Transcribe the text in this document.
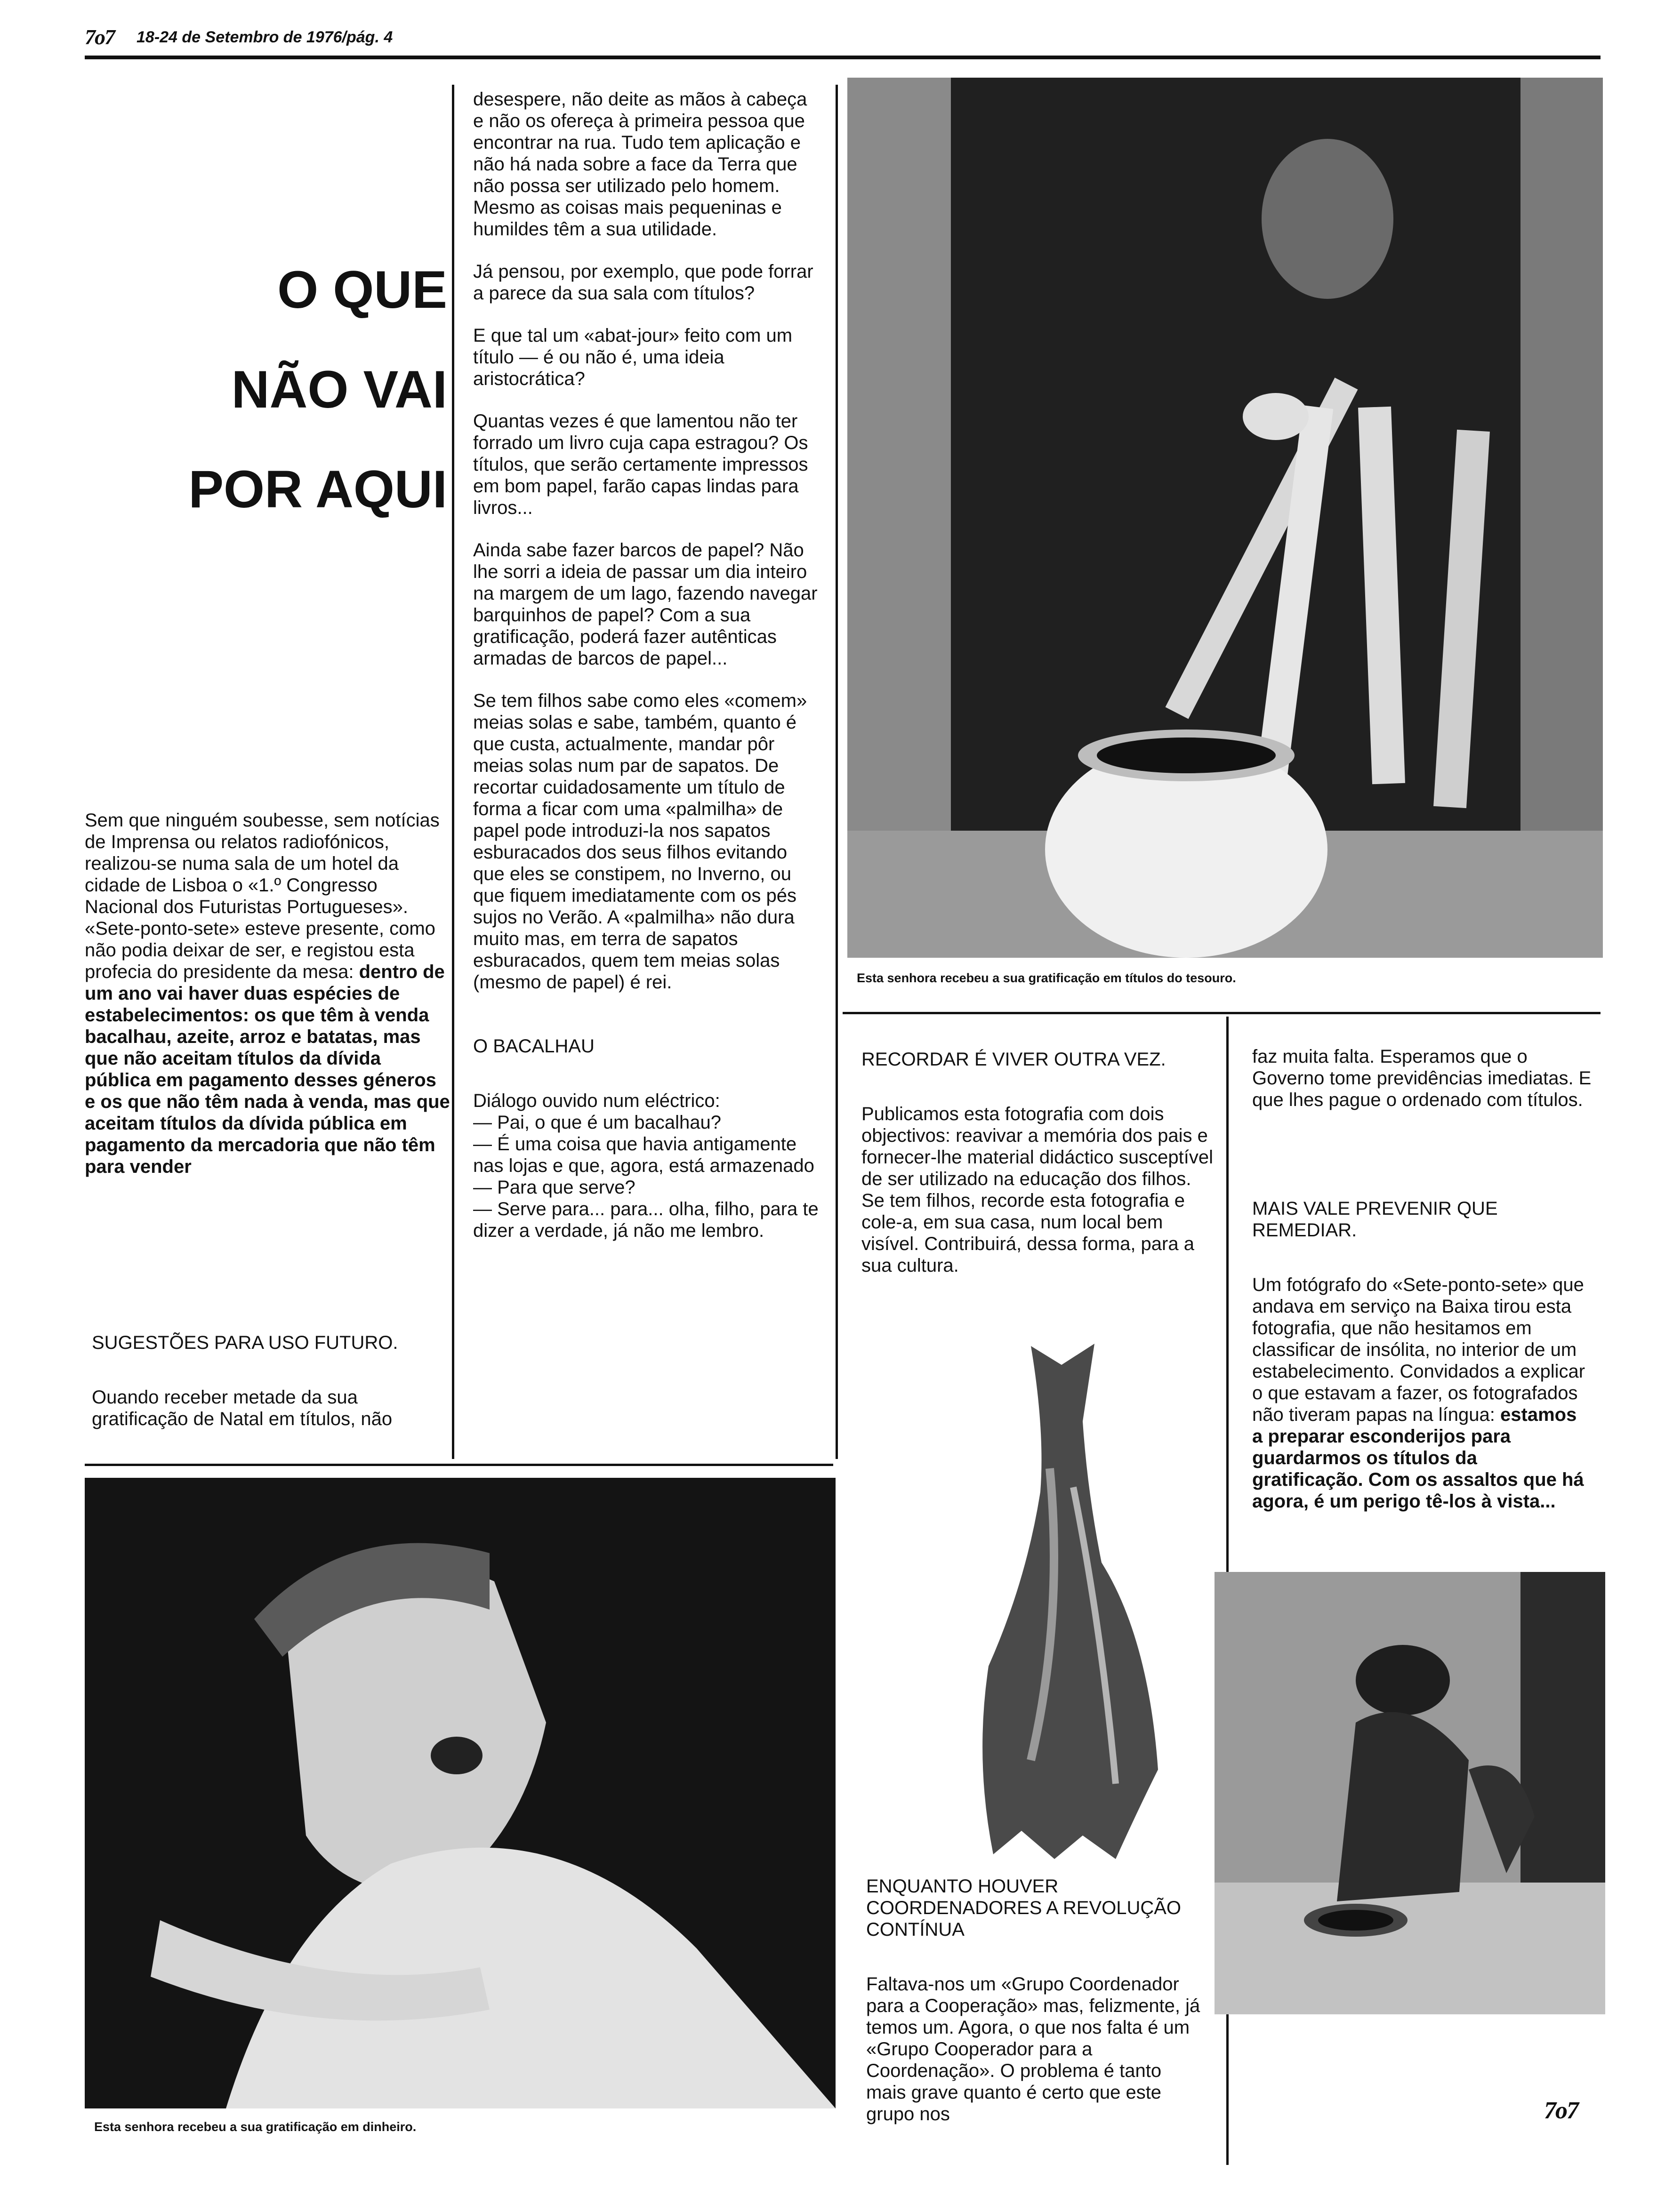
7o7 18-24 de Setembro de 1976/pág. 4
O QUE
NÃO VAI
POR AQUI

Sem que ninguém soubesse, sem notícias de Imprensa ou relatos radiofónicos, realizou-se numa sala de um hotel da cidade de Lisboa o «1.º Congresso Nacional dos Futuristas Portugueses». «Sete-ponto-sete» esteve presente, como não podia deixar de ser, e registou esta profecia do presidente da mesa: dentro de um ano vai haver duas espécies de estabelecimentos: os que têm à venda bacalhau, azeite, arroz e batatas, mas que não aceitam títulos da dívida pública em pagamento desses géneros e os que não têm nada à venda, mas que aceitam títulos da dívida pública em pagamento da mercadoria que não têm para vender

SUGESTÕES PARA USO FUTURO.

Ouando receber metade da sua gratificação de Natal em títulos, não

desespere, não deite as mãos à cabeça e não os ofereça à primeira pessoa que encontrar na rua. Tudo tem aplicação e não há nada sobre a face da Terra que não possa ser utilizado pelo homem. Mesmo as coisas mais pequeninas e humildes têm a sua utilidade.

Já pensou, por exemplo, que pode forrar a parece da sua sala com títulos?

E que tal um «abat-jour» feito com um título — é ou não é, uma ideia aristocrática?

Quantas vezes é que lamentou não ter forrado um livro cuja capa estragou? Os títulos, que serão certamente impressos em bom papel, farão capas lindas para livros...

Ainda sabe fazer barcos de papel? Não lhe sorri a ideia de passar um dia inteiro na margem de um lago, fazendo navegar barquinhos de papel? Com a sua gratificação, poderá fazer autênticas armadas de barcos de papel...

Se tem filhos sabe como eles «comem» meias solas e sabe, também, quanto é que custa, actualmente, mandar pôr meias solas num par de sapatos. De recortar cuidadosamente um título de forma a ficar com uma «palmilha» de papel pode introduzi-la nos sapatos esburacados dos seus filhos evitando que eles se constipem, no Inverno, ou que fiquem imediatamente com os pés sujos no Verão. A «palmilha» não dura muito mas, em terra de sapatos esburacados, quem tem meias solas (mesmo de papel) é rei.

O BACALHAU

Diálogo ouvido num eléctrico:
— Pai, o que é um bacalhau?
— É uma coisa que havia antigamente nas lojas e que, agora, está armazenado
— Para que serve?
— Serve para... para... olha, filho, para te dizer a verdade, já não me lembro.

Esta senhora recebeu a sua gratificação em títulos do tesouro.
RECORDAR É VIVER OUTRA VEZ.

Publicamos esta fotografia com dois objectivos: reavivar a memória dos pais e fornecer-lhe material didáctico susceptível de ser utilizado na educação dos filhos. Se tem filhos, recorde esta fotografia e cole-a, em sua casa, num local bem visível. Contribuirá, dessa forma, para a sua cultura.

ENQUANTO HOUVER COORDENADORES A REVOLUÇÃO CONTÍNUA

Faltava-nos um «Grupo Coordenador para a Cooperação» mas, felizmente, já temos um. Agora, o que nos falta é um «Grupo Cooperador para a Coordenação». O problema é tanto mais grave quanto é certo que este grupo nos

faz muita falta. Esperamos que o Governo tome previdências imediatas. E que lhes pague o ordenado com títulos.

MAIS VALE PREVENIR QUE REMEDIAR.

Um fotógrafo do «Sete-ponto-sete» que andava em serviço na Baixa tirou esta fotografia, que não hesitamos em classificar de insólita, no interior de um estabelecimento. Convidados a explicar o que estavam a fazer, os fotografados não tiveram papas na língua: estamos a preparar esconderijos para guardarmos os títulos da gratificação. Com os assaltos que há agora, é um perigo tê-los à vista...

Esta senhora recebeu a sua gratificação em dinheiro.
7o7
